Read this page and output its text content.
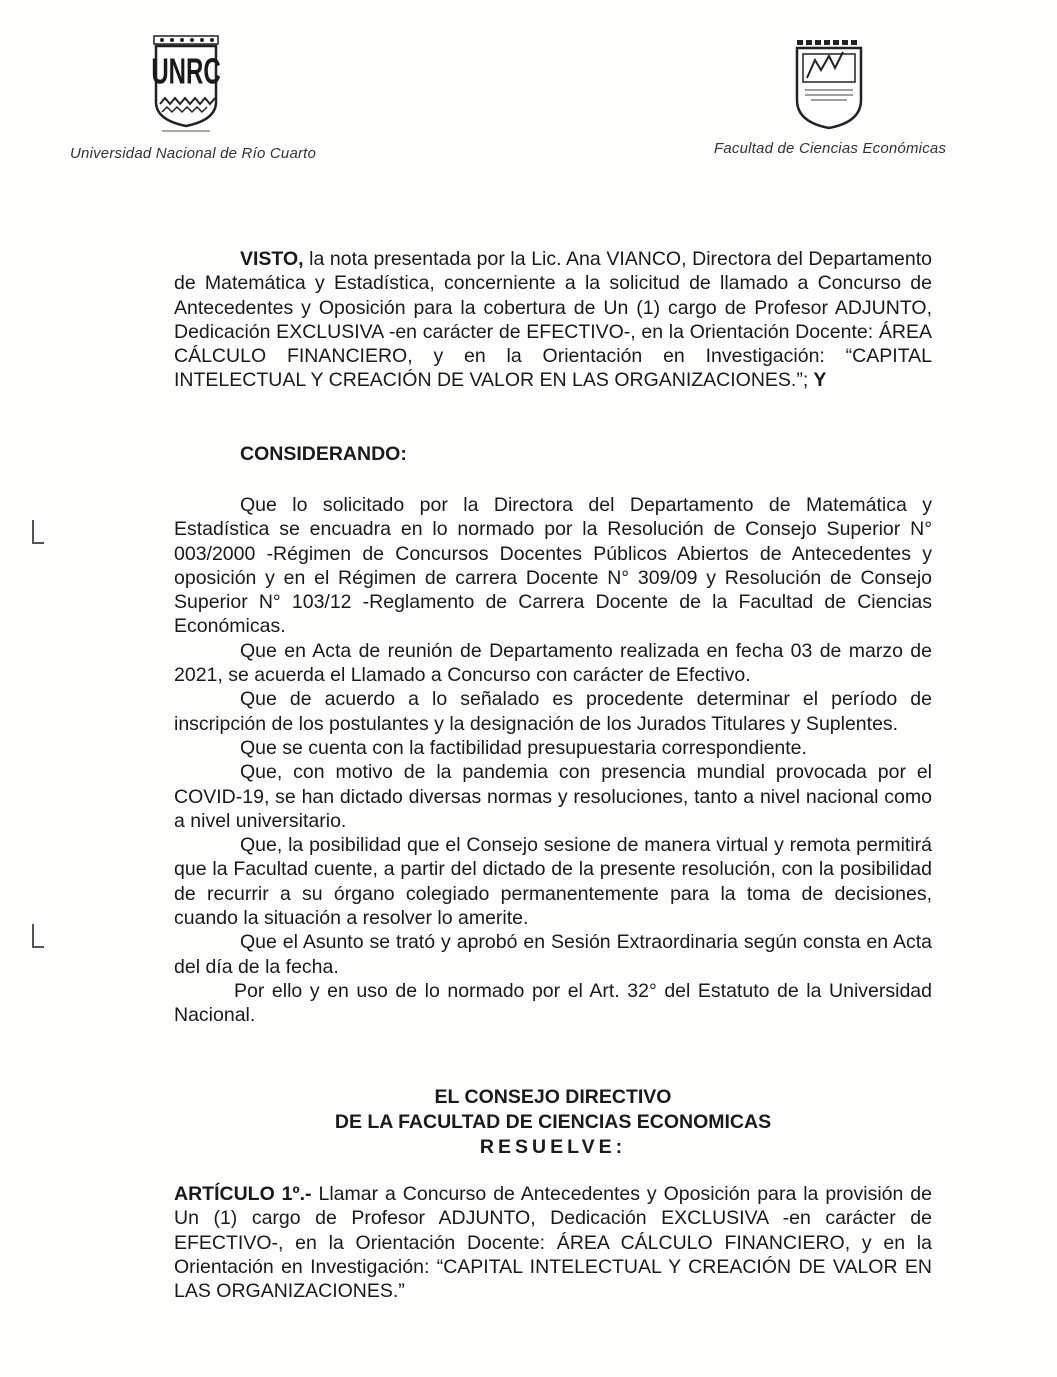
UNRC
Universidad Nacional de Río Cuarto	Facultad de Ciencias Económicas

VISTO, la nota presentada por la Lic. Ana VIANCO, Directora del Departamento de Matemática y Estadística, concerniente a la solicitud de llamado a Concurso de Antecedentes y Oposición para la cobertura de Un (1) cargo de Profesor ADJUNTO, Dedicación EXCLUSIVA -en carácter de EFECTIVO-, en la Orientación Docente: ÁREA CÁLCULO FINANCIERO, y en la Orientación en Investigación: “CAPITAL INTELECTUAL Y CREACIÓN DE VALOR EN LAS ORGANIZACIONES.”; Y

CONSIDERANDO:

Que lo solicitado por la Directora del Departamento de Matemática y Estadística se encuadra en lo normado por la Resolución de Consejo Superior N° 003/2000 -Régimen de Concursos Docentes Públicos Abiertos de Antecedentes y oposición y en el Régimen de carrera Docente N° 309/09 y Resolución de Consejo Superior N° 103/12 -Reglamento de Carrera Docente de la Facultad de Ciencias Económicas.

Que en Acta de reunión de Departamento realizada en fecha 03 de marzo de 2021, se acuerda el Llamado a Concurso con carácter de Efectivo.

Que de acuerdo a lo señalado es procedente determinar el período de inscripción de los postulantes y la designación de los Jurados Titulares y Suplentes.

Que se cuenta con la factibilidad presupuestaria correspondiente.

Que, con motivo de la pandemia con presencia mundial provocada por el COVID-19, se han dictado diversas normas y resoluciones, tanto a nivel nacional como a nivel universitario.

Que, la posibilidad que el Consejo sesione de manera virtual y remota permitirá que la Facultad cuente, a partir del dictado de la presente resolución, con la posibilidad de recurrir a su órgano colegiado permanentemente para la toma de decisiones, cuando la situación a resolver lo amerite.

Que el Asunto se trató y aprobó en Sesión Extraordinaria según consta en Acta del día de la fecha.

Por ello y en uso de lo normado por el Art. 32° del Estatuto de la Universidad Nacional.

EL CONSEJO DIRECTIVO
DE LA FACULTAD DE CIENCIAS ECONOMICAS
RESUELVE:

ARTÍCULO 1º.- Llamar a Concurso de Antecedentes y Oposición para la provisión de Un (1) cargo de Profesor ADJUNTO, Dedicación EXCLUSIVA -en carácter de EFECTIVO-, en la Orientación Docente: ÁREA CÁLCULO FINANCIERO, y en la Orientación en Investigación: “CAPITAL INTELECTUAL Y CREACIÓN DE VALOR EN LAS ORGANIZACIONES.”
